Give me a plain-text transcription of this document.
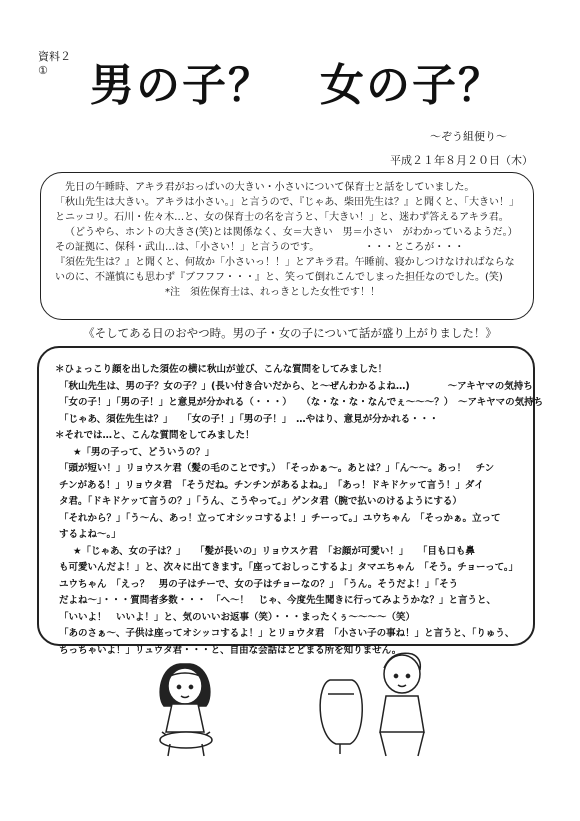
資料２
① 男の子？　女の子？
～ぞう組便り～
平成２１年８月２０日（木）
先日の午睡時、アキラ君がおっぱいの大きい・小さいについて保育士と話をしていました。
「秋山先生は大きい。アキラは小さい。」と言うので、『じゃあ、柴田先生は？』と聞くと、「大きい！」
とニッコリ。石川・佐々木…と、女の保育士の名を言うと、「大きい！」と、迷わず答えるアキラ君。
（どうやら、ホントの大きさ(笑)とは関係なく、女＝大きい　男＝小さい　がわかっているようだ。）
その証拠に、保科・武山…は、「小さい！」と言うのです。　　　　　・・・ところが・・・
『須佐先生は？』と聞くと、何故か「小さいっ！！」とアキラ君。午睡前、寝かしつけなければならな
いのに、不謹慎にも思わず『ブフフフ・・・』と、笑って倒れこんでしまった担任なのでした。(笑)
*注　須佐保育士は、れっきとした女性です！！
《そしてある日のおやつ時。男の子・女の子について話が盛り上がりました！》
＊ひょっこり顔を出した須佐の横に秋山が並び、こんな質問をしてみました！
「秋山先生は、男の子？女の子？」(長い付き合いだから、と～ぜんわかるよね…)　　　　～アキヤマの気持ち
「女の子！」「男の子！」と意見が分かれる（・・・）　　（な・な・な・なんでぇ～～～？）　～アキヤマの気持ち
「じゃあ、須佐先生は？」　　「女の子！」「男の子！」　…やはり、意見が分かれる・・・
＊それでは…と、こんな質問をしてみました！
★「男の子って、どういうの？」
「頭が短い！」リョウスケ君（髪の毛のことです。）　「そっかぁ～。あとは？」「ん～～。あっ！　チン
チンがある！」リョウタ君　「そうだね。チンチンがあるよね。」　「あっ！ドキドケッて言う！」ダイ
タ君。「ドキドケッて言うの？」「うん、こうやって。」ゲンタ君（腕で払いのけるようにする）
「それから？」「う～ん、あっ！立ってオシッコするよ！」チーって。」ユウちゃん　「そっかぁ。立って
するよね～。」
★「じゃあ、女の子は？」　　「髪が長いの」リョウスケ君　「お顔が可愛い！」　　「目も口も鼻
も可愛いんだよ！」と、次々に出てきます。「座っておしっこするよ」タマエちゃん　「そう。チョーって。」
ユウちゃん　「えっ？　男の子はチーで、女の子はチョーなの？」　「うん。そうだよ！」「そう
だよね～」・・・質問者多数・・・　「へ～！　じゃ、今度先生聞きに行ってみようかな？」と言うと、
「いいよ！　いいよ！」と、気のいいお返事（笑）・・・まったくぅ～～～～（笑）
「あのさぁ～、子供は座ってオシッコするよ！」とリョウタ君　「小さい子の事ね！」と言うと、「りゅう、
ちっちゃいよ！」リュウタ君・・・と、自由な会話はとどまる所を知りません。
